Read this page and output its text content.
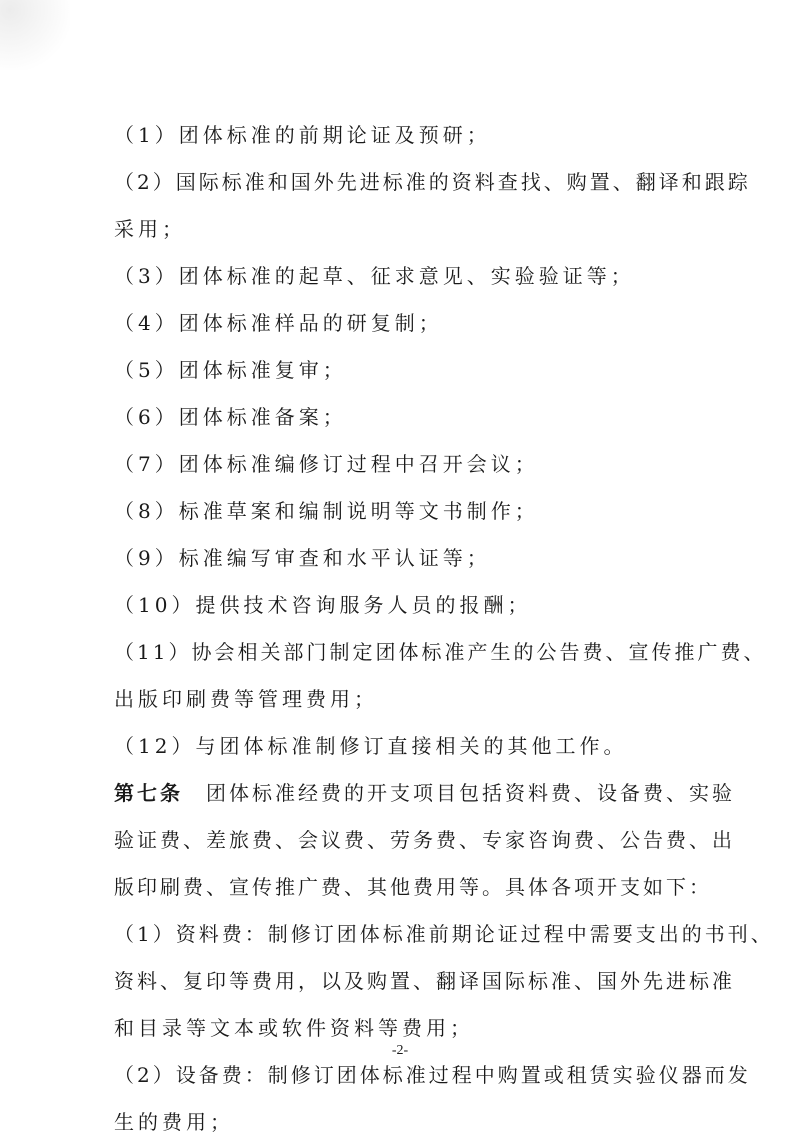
（1）团体标准的前期论证及预研；
（2）国际标准和国外先进标准的资料查找、购置、翻译和跟踪
采用；
（3）团体标准的起草、征求意见、实验验证等；
（4）团体标准样品的研复制；
（5）团体标准复审；
（6）团体标准备案；
（7）团体标准编修订过程中召开会议；
（8）标准草案和编制说明等文书制作；
（9）标准编写审查和水平认证等；
（10）提供技术咨询服务人员的报酬；
（11）协会相关部门制定团体标准产生的公告费、宣传推广费、
出版印刷费等管理费用；
（12）与团体标准制修订直接相关的其他工作。
第七条　团体标准经费的开支项目包括资料费、设备费、实验
验证费、差旅费、会议费、劳务费、专家咨询费、公告费、出
版印刷费、宣传推广费、其他费用等。具体各项开支如下：
（1）资料费：制修订团体标准前期论证过程中需要支出的书刊、
资料、复印等费用，以及购置、翻译国际标准、国外先进标准
和目录等文本或软件资料等费用；
（2）设备费：制修订团体标准过程中购置或租赁实验仪器而发
生的费用；
-2-
